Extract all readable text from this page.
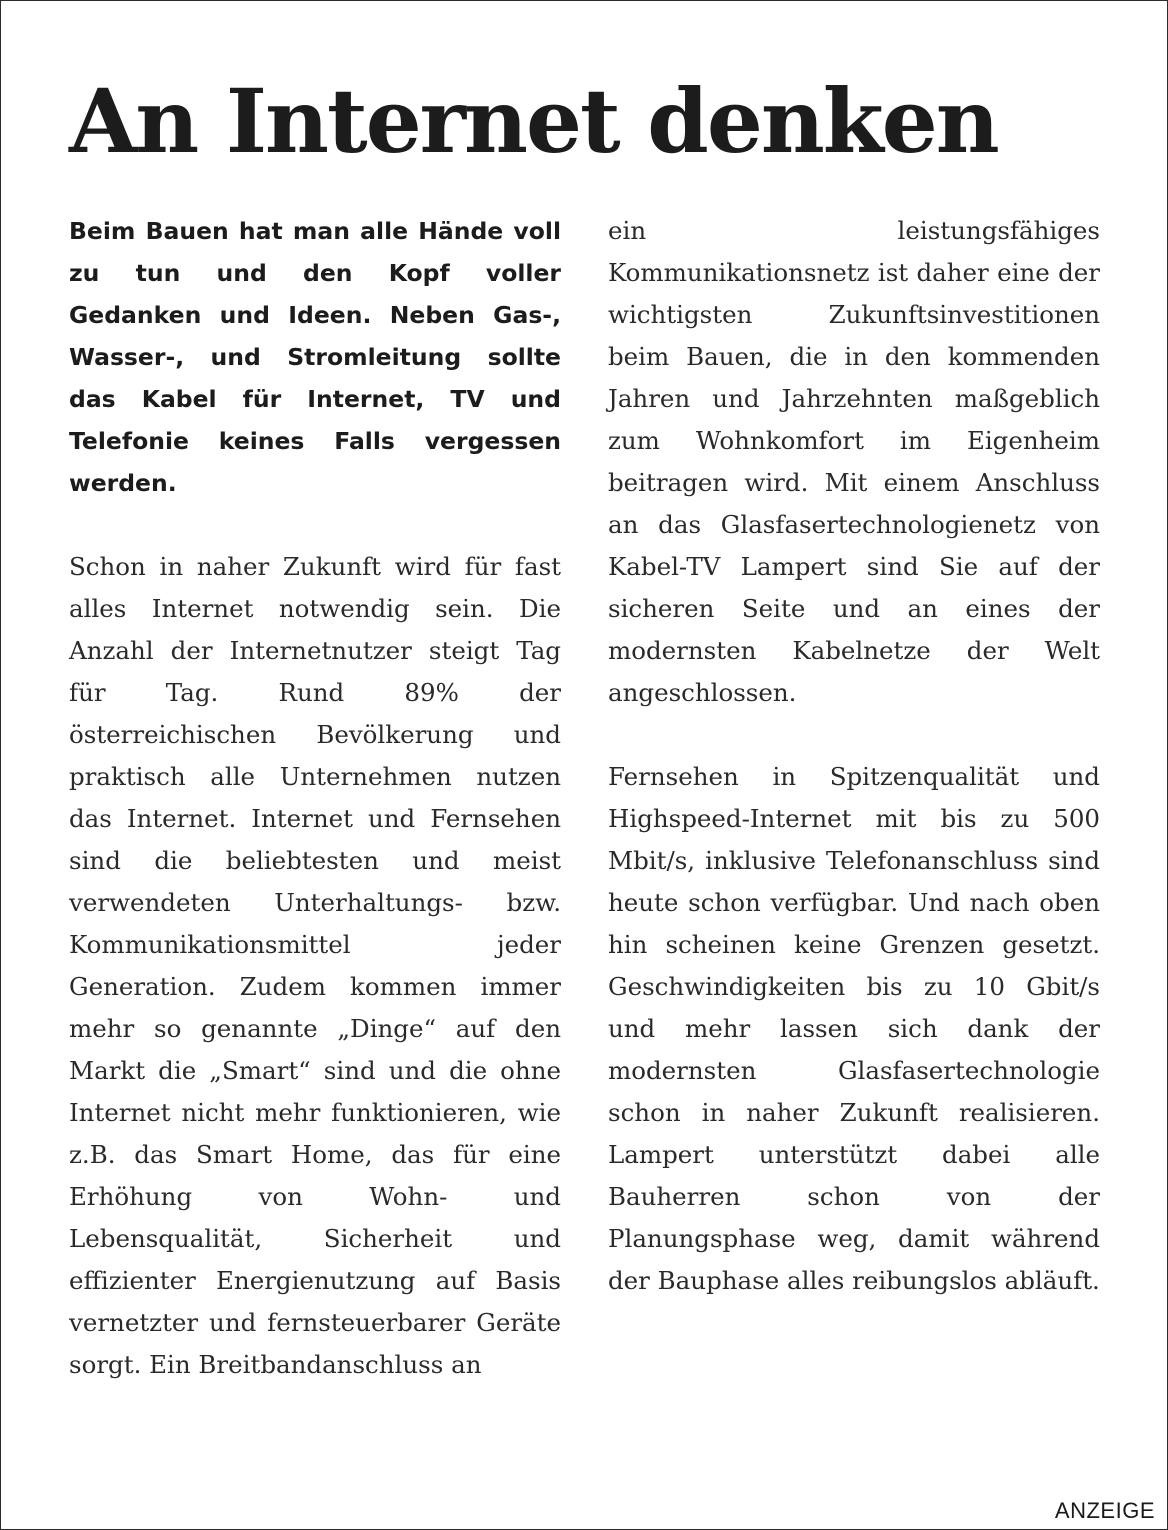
An Internet denken

Beim Bauen hat man alle Hände voll zu tun und den Kopf voller Gedanken und Ideen. Neben Gas-, Wasser-, und Stromleitung sollte das Kabel für Internet, TV und Telefonie keines Falls vergessen werden.

Schon in naher Zukunft wird für fast alles Internet notwendig sein. Die Anzahl der Internetnutzer steigt Tag für Tag. Rund 89% der österreichischen Bevölkerung und praktisch alle Unternehmen nutzen das Internet. Internet und Fernsehen sind die beliebtesten und meist verwendeten Unterhaltungs- bzw. Kommunikationsmittel jeder Generation. Zudem kommen immer mehr so genannte „Dinge“ auf den Markt die „Smart“ sind und die ohne Internet nicht mehr funktionieren, wie z.B. das Smart Home, das für eine Erhöhung von Wohn- und Lebensqualität, Sicherheit und effizienter Energienutzung auf Basis vernetzter und fernsteuerbarer Geräte sorgt. Ein Breitbandanschluss an

ein leistungsfähiges Kommunikationsnetz ist daher eine der wichtigsten Zukunftsinvestitionen beim Bauen, die in den kommenden Jahren und Jahrzehnten maßgeblich zum Wohnkomfort im Eigenheim beitragen wird. Mit einem Anschluss an das Glasfasertechnologienetz von Kabel-TV Lampert sind Sie auf der sicheren Seite und an eines der modernsten Kabelnetze der Welt angeschlossen.

Fernsehen in Spitzenqualität und Highspeed-Internet mit bis zu 500 Mbit/s, inklusive Telefonanschluss sind heute schon verfügbar. Und nach oben hin scheinen keine Grenzen gesetzt. Geschwindigkeiten bis zu 10 Gbit/s und mehr lassen sich dank der modernsten Glasfasertechnologie schon in naher Zukunft realisieren. Lampert unterstützt dabei alle Bauherren schon von der Planungsphase weg, damit während der Bauphase alles reibungslos abläuft.

ANZEIGE
